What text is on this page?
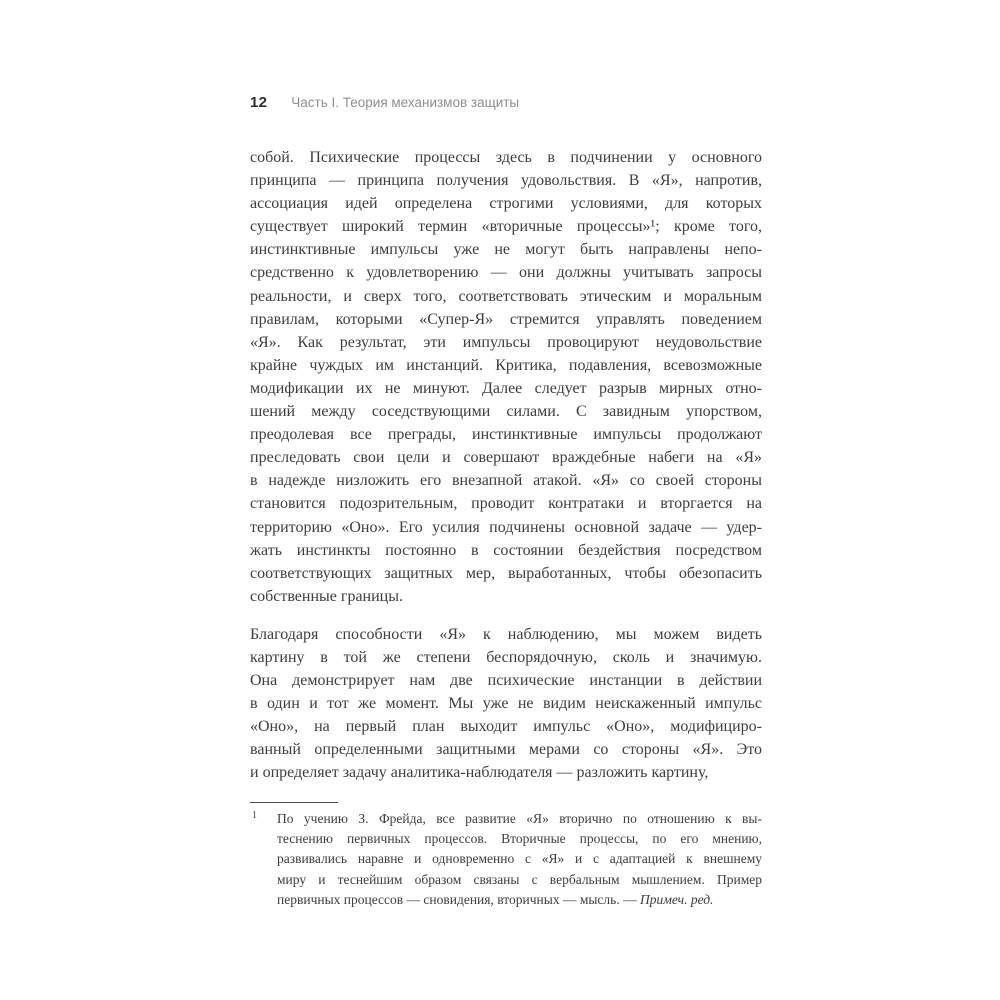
12 Часть I. Теория механизмов защиты
собой. Психические процессы здесь в подчинении у основного
принципа — принципа получения удовольствия. В «Я», напротив,
ассоциация идей определена строгими условиями, для которых
существует широкий термин «вторичные процессы»¹; кроме того,
инстинктивные импульсы уже не могут быть направлены непо-
средственно к удовлетворению — они должны учитывать запросы
реальности, и сверх того, соответствовать этическим и моральным
правилам, которыми «Супер-Я» стремится управлять поведением
«Я». Как результат, эти импульсы провоцируют неудовольствие
крайне чуждых им инстанций. Критика, подавления, всевозможные
модификации их не минуют. Далее следует разрыв мирных отно-
шений между соседствующими силами. С завидным упорством,
преодолевая все преграды, инстинктивные импульсы продолжают
преследовать свои цели и совершают враждебные набеги на «Я»
в надежде низложить его внезапной атакой. «Я» со своей стороны
становится подозрительным, проводит контратаки и вторгается на
территорию «Оно». Его усилия подчинены основной задаче — удер-
жать инстинкты постоянно в состоянии бездействия посредством
соответствующих защитных мер, выработанных, чтобы обезопасить
собственные границы.
Благодаря способности «Я» к наблюдению, мы можем видеть
картину в той же степени беспорядочную, сколь и значимую.
Она демонстрирует нам две психические инстанции в действии
в один и тот же момент. Мы уже не видим неискаженный импульс
«Оно», на первый план выходит импульс «Оно», модифициро-
ванный определенными защитными мерами со стороны «Я». Это
и определяет задачу аналитика-наблюдателя — разложить картину,
1 По учению З. Фрейда, все развитие «Я» вторично по отношению к вы-
теснению первичных процессов. Вторичные процессы, по его мнению,
развивались наравне и одновременно с «Я» и с адаптацией к внешнему
миру и теснейшим образом связаны с вербальным мышлением. Пример
первичных процессов — сновидения, вторичных — мысль. — Примеч. ред.
